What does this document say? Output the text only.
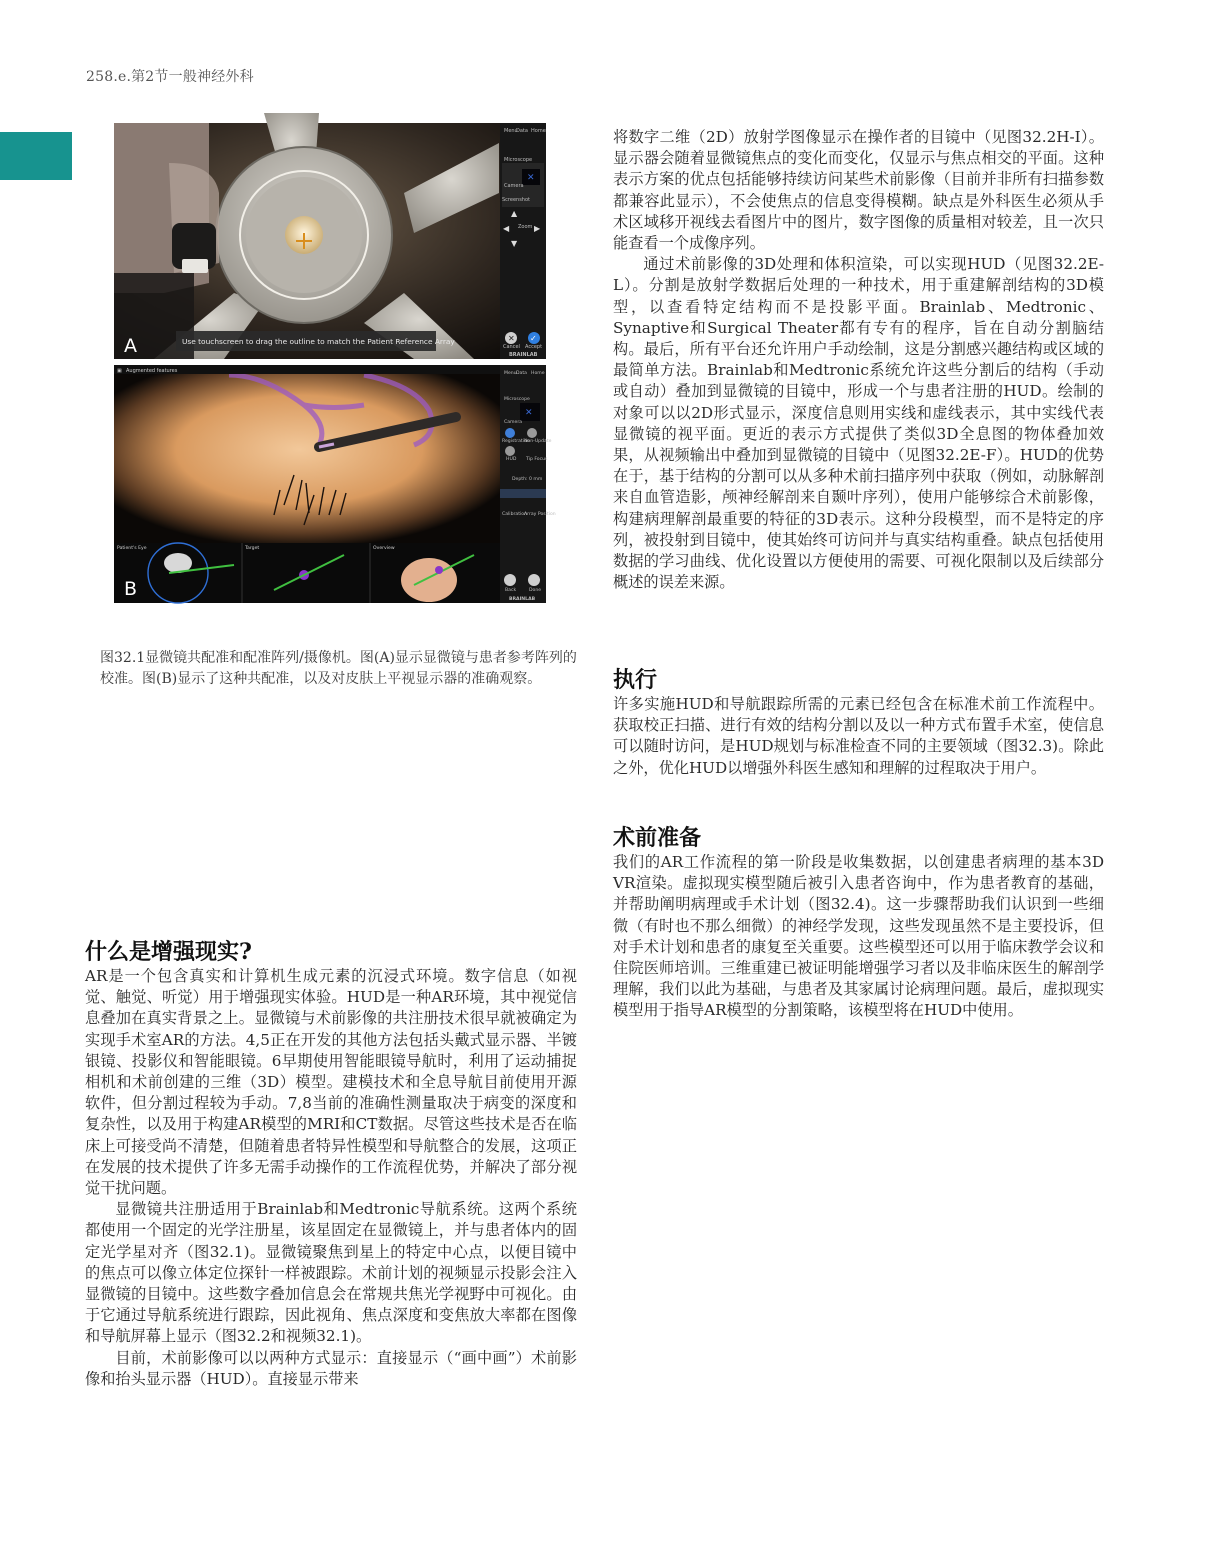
258.e.第2节一般神经外科
✕
Menu
Data Home
Microscope
Camera
Screenshot
Zoom
Cancel Accept
BRAINLAB
▲
▼
◀	▶
✕ ✓
Use touchscreen to drag the outline to match the Patient Reference Array
A
▣ Augmented features
✕
Menu Data Home
Microscope
Camera
Registration
Non-Update
HUD Tip Focus
Depth: 0 mm
Calibration
Array Position
Back	Done
BRAINLAB
Patient's Eye	Target	Overview
B
图32.1显微镜共配准和配准阵列/摄像机。图(A)显示显微镜与患者参考阵列的校准。图(B)显示了这种共配准，以及对皮肤上平视显示器的准确观察。

将数字二维（2D）放射学图像显示在操作者的目镜中（见图32.2H-I）。显示器会随着显微镜焦点的变化而变化，仅显示与焦点相交的平面。这种表示方案的优点包括能够持续访问某些术前影像（目前并非所有扫描参数都兼容此显示），不会使焦点的信息变得模糊。缺点是外科医生必须从手术区域移开视线去看图片中的图片，数字图像的质量相对较差，且一次只能查看一个成像序列。

通过术前影像的3D处理和体积渲染，可以实现HUD（见图32.2E-L）。分割是放射学数据后处理的一种技术，用于重建解剖结构的3D模型，以查看特定结构而不是投影平面。Brainlab、Medtronic、Synaptive和Surgical Theater都有专有的程序，旨在自动分割脑结构。最后，所有平台还允许用户手动绘制，这是分割感兴趣结构或区域的最简单方法。Brainlab和Medtronic系统允许这些分割后的结构（手动或自动）叠加到显微镜的目镜中，形成一个与患者注册的HUD。绘制的对象可以以2D形式显示，深度信息则用实线和虚线表示，其中实线代表显微镜的视平面。更近的表示方式提供了类似3D全息图的物体叠加效果，从视频输出中叠加到显微镜的目镜中（见图32.2E-F）。HUD的优势在于，基于结构的分割可以从多种术前扫描序列中获取（例如，动脉解剖来自血管造影，颅神经解剖来自颞叶序列），使用户能够综合术前影像，构建病理解剖最重要的特征的3D表示。这种分段模型，而不是特定的序列，被投射到目镜中，使其始终可访问并与真实结构重叠。缺点包括使用数据的学习曲线、优化设置以方便使用的需要、可视化限制以及后续部分概述的误差来源。

执行

许多实施HUD和导航跟踪所需的元素已经包含在标准术前工作流程中。获取校正扫描、进行有效的结构分割以及以一种方式布置手术室，使信息可以随时访问，是HUD规划与标准检查不同的主要领域（图32.3)。除此之外，优化HUD以增强外科医生感知和理解的过程取决于用户。

术前准备

我们的AR工作流程的第一阶段是收集数据，以创建患者病理的基本3D VR渲染。虚拟现实模型随后被引入患者咨询中，作为患者教育的基础，并帮助阐明病理或手术计划（图32.4)。这一步骤帮助我们认识到一些细微（有时也不那么细微）的神经学发现，这些发现虽然不是主要投诉，但对手术计划和患者的康复至关重要。这些模型还可以用于临床教学会议和住院医师培训。三维重建已被证明能增强学习者以及非临床医生的解剖学理解，我们以此为基础，与患者及其家属讨论病理问题。最后，虚拟现实模型用于指导AR模型的分割策略，该模型将在HUD中使用。

什么是增强现实?

AR是一个包含真实和计算机生成元素的沉浸式环境。数字信息（如视觉、触觉、听觉）用于增强现实体验。HUD是一种AR环境，其中视觉信息叠加在真实背景之上。显微镜与术前影像的共注册技术很早就被确定为实现手术室AR的方法。4,5正在开发的其他方法包括头戴式显示器、半镀银镜、投影仪和智能眼镜。6早期使用智能眼镜导航时，利用了运动捕捉相机和术前创建的三维（3D）模型。建模技术和全息导航目前使用开源软件，但分割过程较为手动。7,8当前的准确性测量取决于病变的深度和复杂性，以及用于构建AR模型的MRI和CT数据。尽管这些技术是否在临床上可接受尚不清楚，但随着患者特异性模型和导航整合的发展，这项正在发展的技术提供了许多无需手动操作的工作流程优势，并解决了部分视觉干扰问题。

显微镜共注册适用于Brainlab和Medtronic导航系统。这两个系统都使用一个固定的光学注册星，该星固定在显微镜上，并与患者体内的固定光学星对齐（图32.1)。显微镜聚焦到星上的特定中心点，以便目镜中的焦点可以像立体定位探针一样被跟踪。术前计划的视频显示投影会注入显微镜的目镜中。这些数字叠加信息会在常规共焦光学视野中可视化。由于它通过导航系统进行跟踪，因此视角、焦点深度和变焦放大率都在图像和导航屏幕上显示（图32.2和视频32.1)。

目前，术前影像可以以两种方式显示：直接显示（“画中画”）术前影像和抬头显示器（HUD）。直接显示带来
